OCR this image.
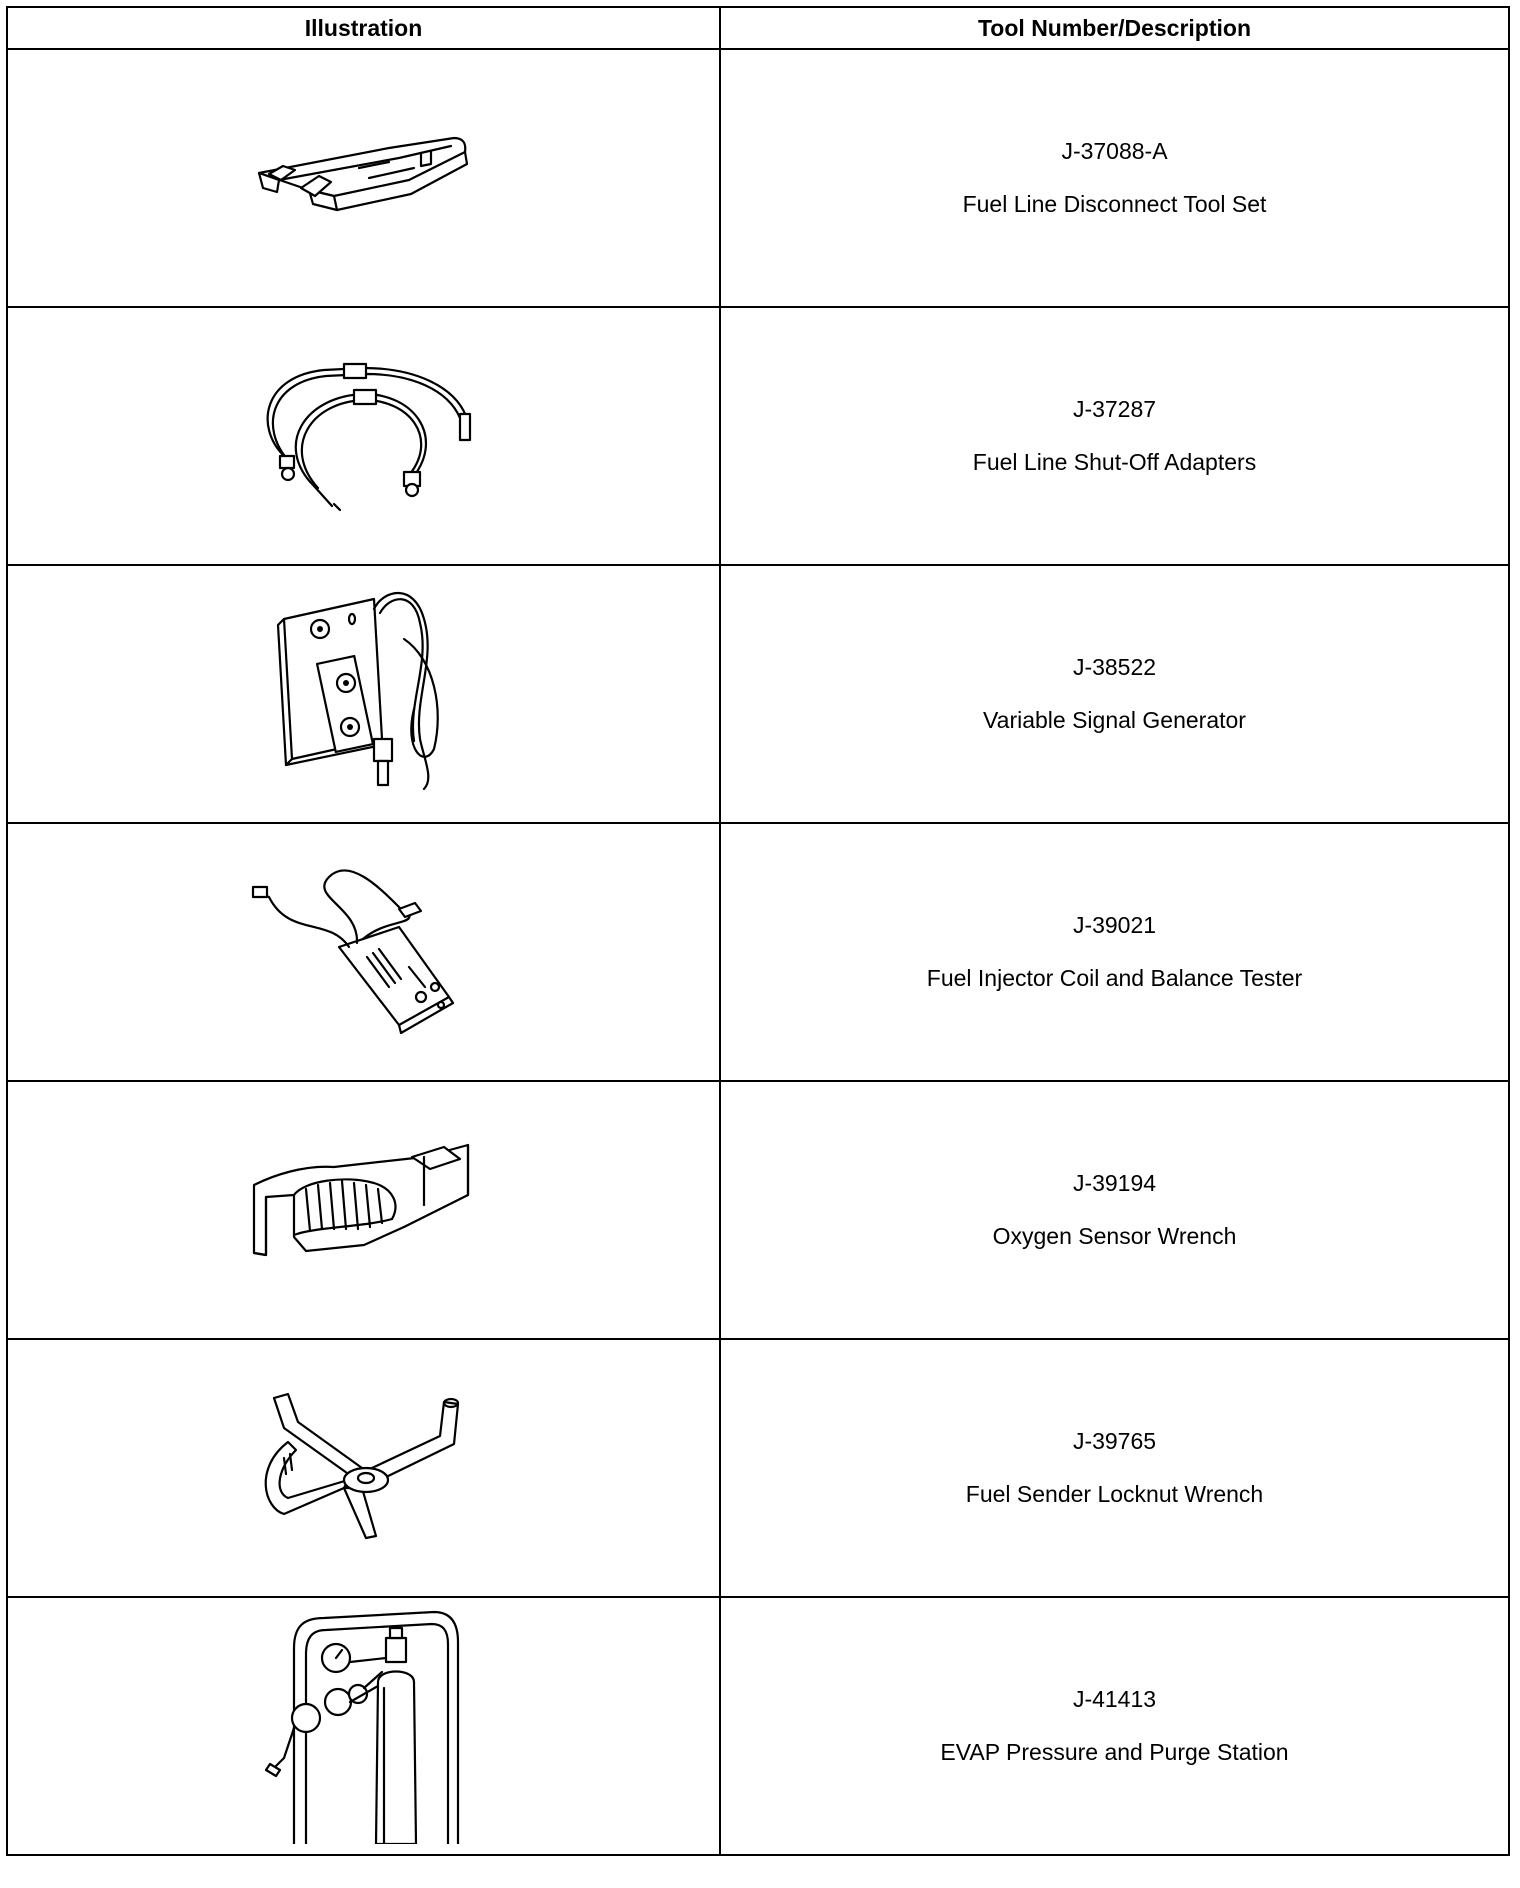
Illustration	Tool Number/Description

J-37088-A
Fuel Line Disconnect Tool Set

J-37287
Fuel Line Shut-Off Adapters

J-38522
Variable Signal Generator

J-39021
Fuel Injector Coil and Balance Tester

J-39194
Oxygen Sensor Wrench

J-39765
Fuel Sender Locknut Wrench

J-41413
EVAP Pressure and Purge Station
